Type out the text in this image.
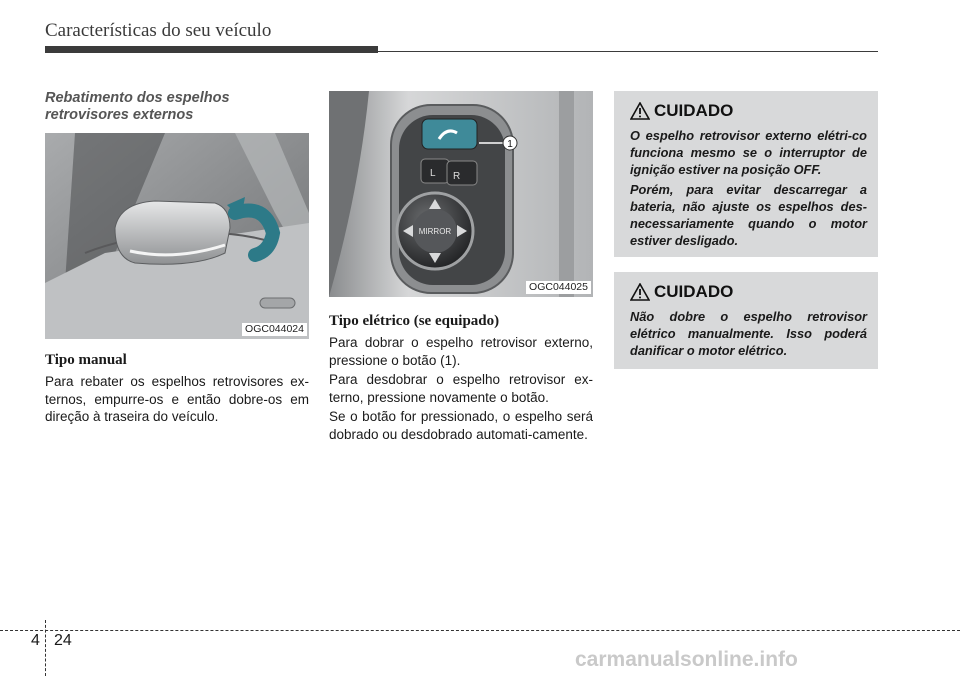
Características do seu veículo
Rebatimento dos espelhos retrovisores externos
OGC044024
Tipo manual

Para rebater os espelhos retrovisores ex-ternos, empurre-os e então dobre-os em direção à traseira do veículo.

L R
MIRROR
1
OGC044025
Tipo elétrico (se equipado)

Para dobrar o espelho retrovisor externo, pressione o botão (1).

Para desdobrar o espelho retrovisor ex-terno, pressione novamente o botão.

Se o botão for pressionado, o espelho será dobrado ou desdobrado automati-camente.

CUIDADO

O espelho retrovisor externo elétri-co funciona mesmo se o interruptor de ignição estiver na posição OFF.

Porém, para evitar descarregar a bateria, não ajuste os espelhos des-necessariamente quando o motor estiver desligado.

CUIDADO

Não dobre o espelho retrovisor elétrico manualmente. Isso poderá danificar o motor elétrico.

4 24
carmanualsonline.info
